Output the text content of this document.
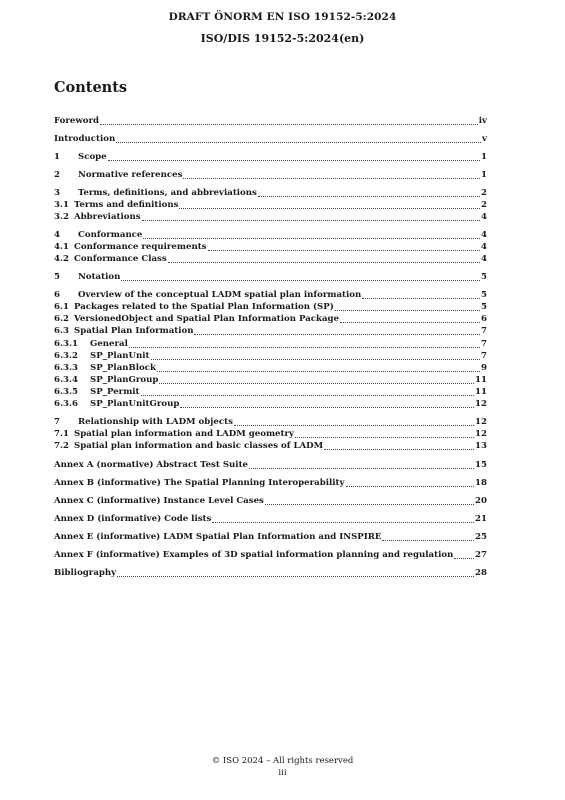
DRAFT ÖNORM EN ISO 19152-5:2024
ISO/DIS 19152-5:2024(en)
Contents
Foreword	iv
Introduction	v
1	Scope	1
2	Normative references	1
3	Terms, definitions, and abbreviations	2
3.1 Terms and definitions	2
3.2 Abbreviations	4
4	Conformance	4
4.1 Conformance requirements	4
4.2 Conformance Class	4
5	Notation	5
6	Overview of the conceptual LADM spatial plan information	5
6.1 Packages related to the Spatial Plan Information (SP)	5
6.2 VersionedObject and Spatial Plan Information Package	6
6.3 Spatial Plan Information	7
6.3.1	General	7
6.3.2	SP_PlanUnit	7
6.3.3	SP_PlanBlock	9
6.3.4	SP_PlanGroup	11
6.3.5	SP_Permit	11
6.3.6	SP_PlanUnitGroup	12
7	Relationship with LADM objects	12
7.1 Spatial plan information and LADM geometry	12
7.2 Spatial plan information and basic classes of LADM	13
Annex A (normative) Abstract Test Suite	15
Annex B (informative) The Spatial Planning Interoperability	18
Annex C (informative) Instance Level Cases	20
Annex D (informative) Code lists	21
Annex E (informative) LADM Spatial Plan Information and INSPIRE	25
Annex F (informative) Examples of 3D spatial information planning and regulation	27
Bibliography	28
© ISO 2024 – All rights reserved
iii
